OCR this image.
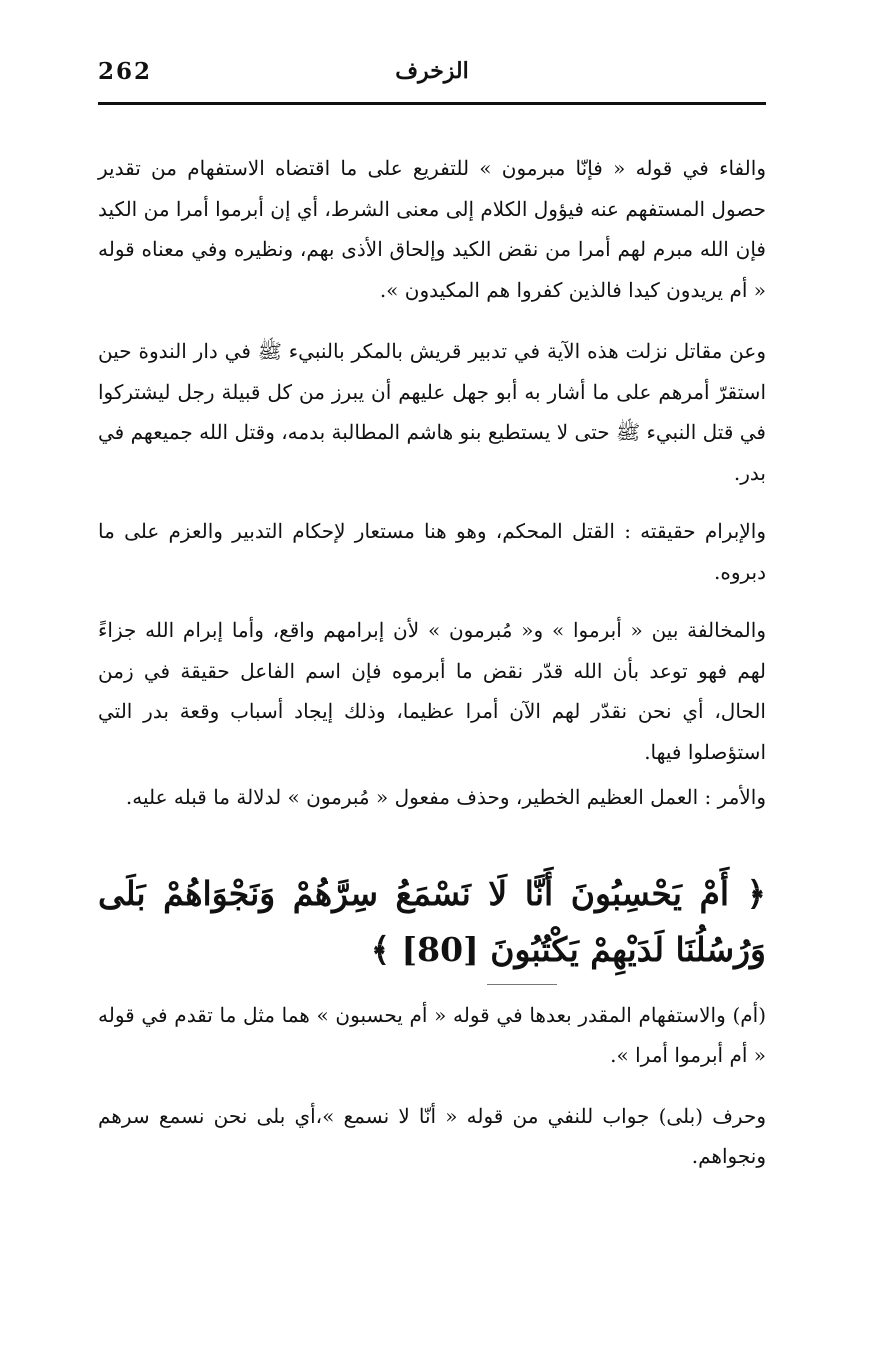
262	الزخرف

والفاء في قوله « فإنّا مبرمون » للتفريع على ما اقتضاه الاستفهام من تقدير حصول المستفهم عنه فيؤول الكلام إلى معنى الشرط، أي إن أبرموا أمرا من الكيد فإن الله مبرم لهم أمرا من نقض الكيد وإلحاق الأذى بهم، ونظيره وفي معناه قوله « أم يريدون كيدا فالذين كفروا هم المكيدون ».

وعن مقاتل نزلت هذه الآية في تدبير قريش بالمكر بالنبيء ﷺ في دار الندوة حين استقرّ أمرهم على ما أشار به أبو جهل عليهم أن يبرز من كل قبيلة رجل ليشتركوا في قتل النبيء ﷺ حتى لا يستطيع بنو هاشم المطالبة بدمه، وقتل الله جميعهم في بدر.

والإبرام حقيقته : القتل المحكم، وهو هنا مستعار لإحكام التدبير والعزم على ما دبروه.

والمخالفة بين « أبرموا » و« مُبرمون » لأن إبرامهم واقع، وأما إبرام الله جزاءً لهم فهو توعد بأن الله قدّر نقض ما أبرموه فإن اسم الفاعل حقيقة في زمن الحال، أي نحن نقدّر لهم الآن أمرا عظيما، وذلك إيجاد أسباب وقعة بدر التي استؤصلوا فيها.

والأمر : العمل العظيم الخطير، وحذف مفعول « مُبرمون » لدلالة ما قبله عليه.

﴿ أَمْ يَحْسِبُونَ أَنَّا لَا نَسْمَعُ سِرَّهُمْ وَنَجْوَاهُمْ بَلَى وَرُسُلُنَا لَدَيْهِمْ يَكْتُبُونَ [80] ﴾

(أم) والاستفهام المقدر بعدها في قوله « أم يحسبون » هما مثل ما تقدم في قوله « أم أبرموا أمرا ».

وحرف (بلى) جواب للنفي من قوله « أنّا لا نسمع »،أي بلى نحن نسمع سرهم ونجواهم.
